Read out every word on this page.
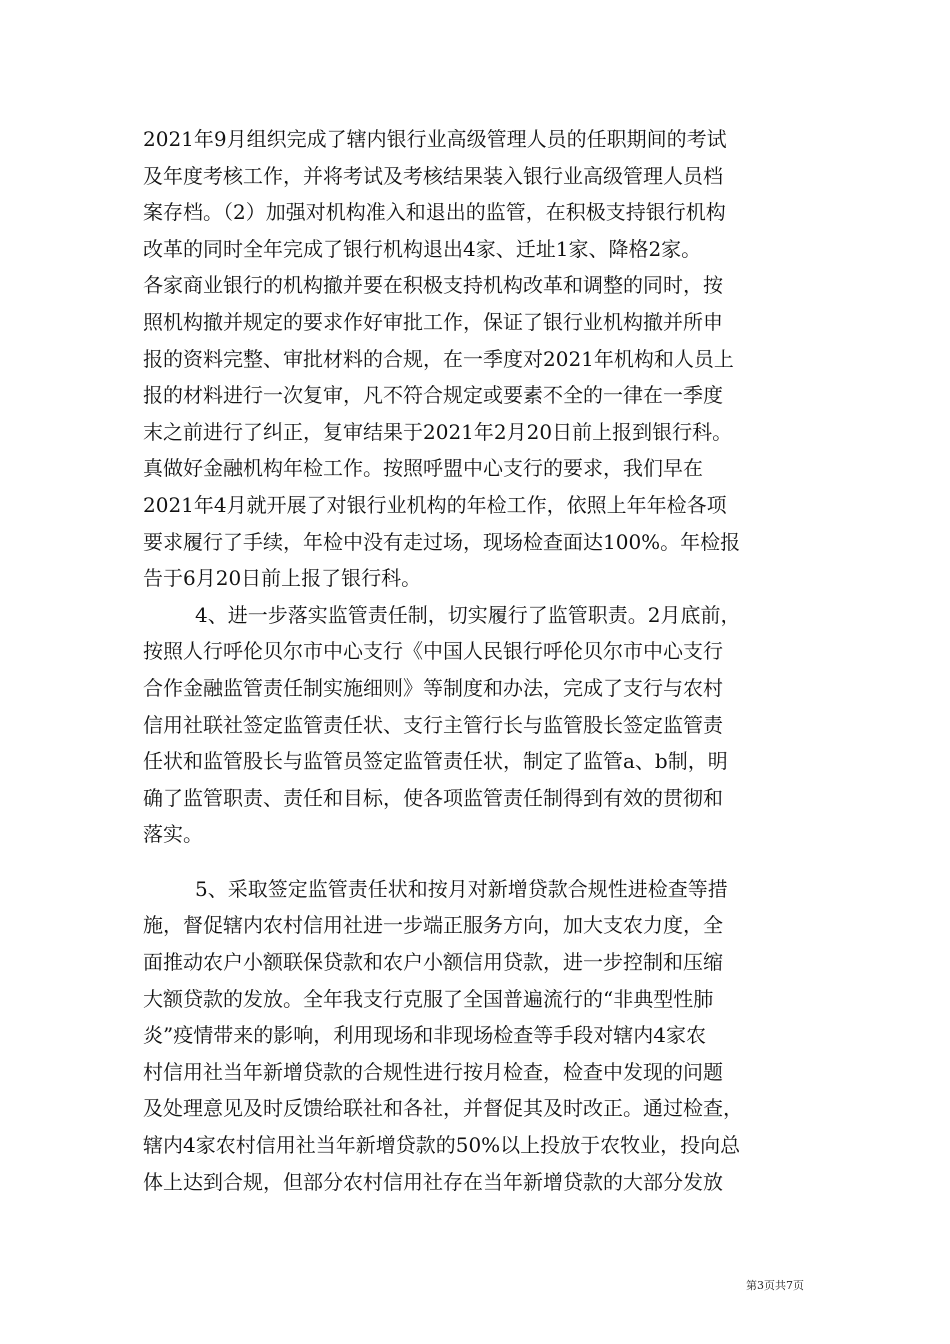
2021年9月组织完成了辖内银行业高级管理人员的任职期间的考试
及年度考核工作，并将考试及考核结果装入银行业高级管理人员档
案存档。（2）加强对机构准入和退出的监管，在积极支持银行机构
改革的同时全年完成了银行机构退出4家、迁址1家、降格2家。
各家商业银行的机构撤并要在积极支持机构改革和调整的同时，按
照机构撤并规定的要求作好审批工作，保证了银行业机构撤并所申
报的资料完整、审批材料的合规，在一季度对2021年机构和人员上
报的材料进行一次复审，凡不符合规定或要素不全的一律在一季度
末之前进行了纠正，复审结果于2021年2月20日前上报到银行科。
真做好金融机构年检工作。按照呼盟中心支行的要求，我们早在
2021年4月就开展了对银行业机构的年检工作，依照上年年检各项
要求履行了手续，年检中没有走过场，现场检查面达100%。年检报
告于6月20日前上报了银行科。
4、进一步落实监管责任制，切实履行了监管职责。2月底前，
按照人行呼伦贝尔市中心支行《中国人民银行呼伦贝尔市中心支行
合作金融监管责任制实施细则》等制度和办法，完成了支行与农村
信用社联社签定监管责任状、支行主管行长与监管股长签定监管责
任状和监管股长与监管员签定监管责任状，制定了监管a、b制，明
确了监管职责、责任和目标，使各项监管责任制得到有效的贯彻和
落实。
5、采取签定监管责任状和按月对新增贷款合规性进检查等措
施，督促辖内农村信用社进一步端正服务方向，加大支农力度，全
面推动农户小额联保贷款和农户小额信用贷款，进一步控制和压缩
大额贷款的发放。全年我支行克服了全国普遍流行的“非典型性肺
炎”疫情带来的影响，利用现场和非现场检查等手段对辖内4家农
村信用社当年新增贷款的合规性进行按月检查，检查中发现的问题
及处理意见及时反馈给联社和各社，并督促其及时改正。通过检查，
辖内4家农村信用社当年新增贷款的50%以上投放于农牧业，投向总
体上达到合规，但部分农村信用社存在当年新增贷款的大部分发放
第3页共7页
